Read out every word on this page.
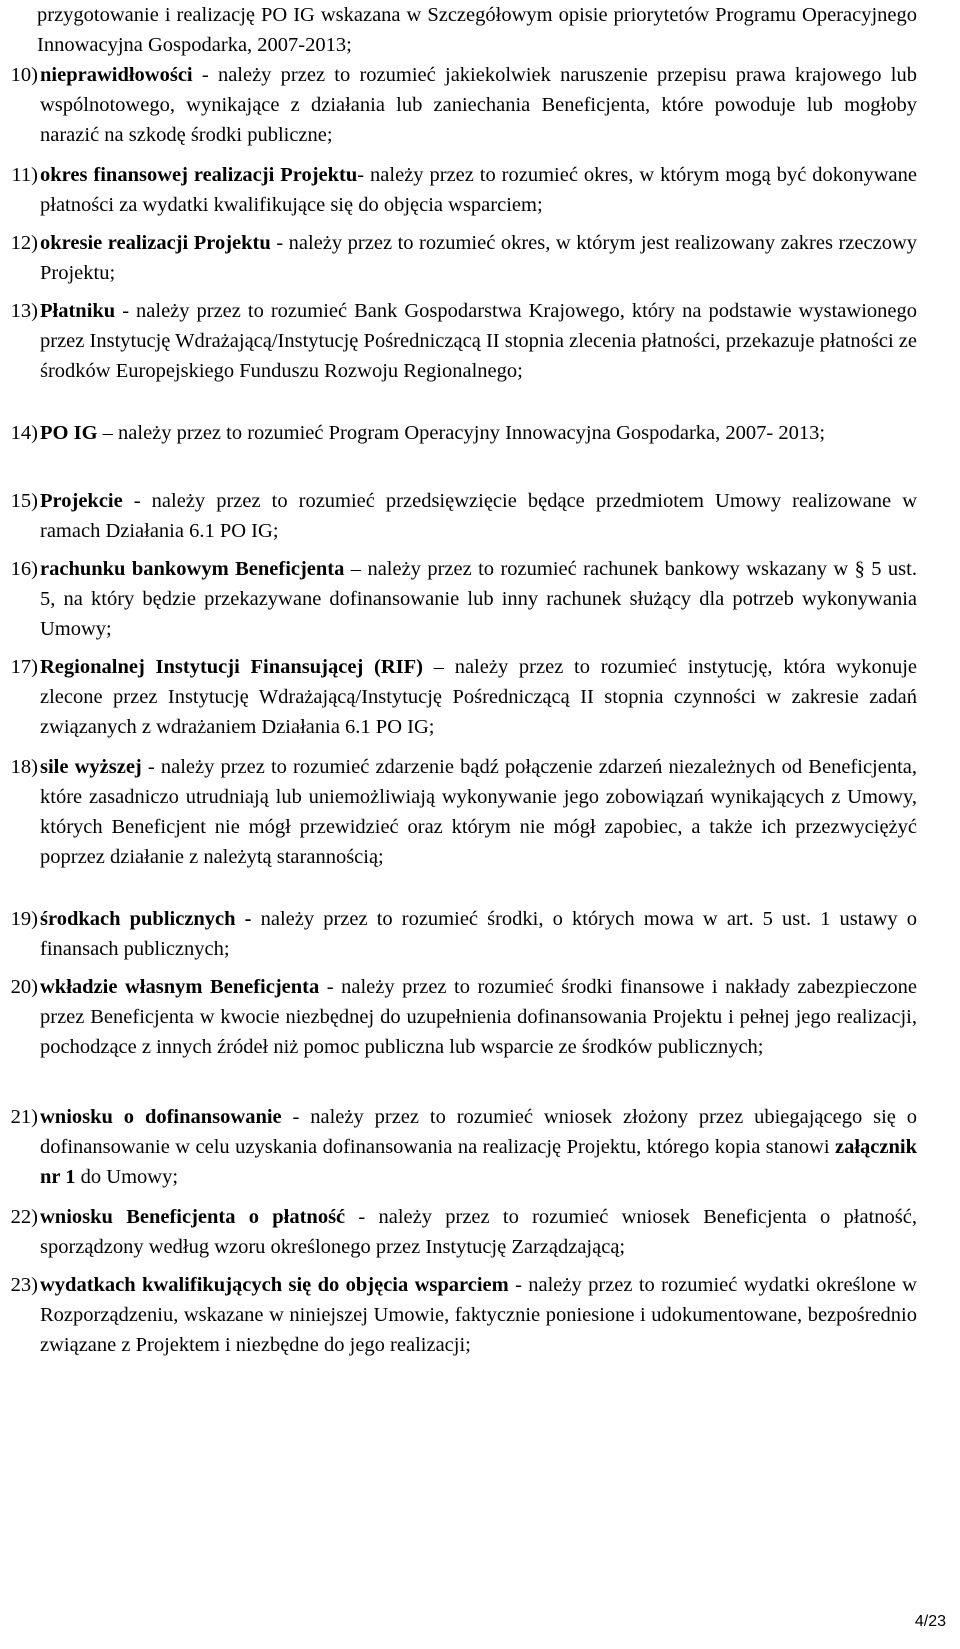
przygotowanie i realizację PO IG wskazana w Szczegółowym opisie priorytetów Programu Operacyjnego Innowacyjna Gospodarka, 2007-2013;
10) nieprawidłowości - należy przez to rozumieć jakiekolwiek naruszenie przepisu prawa krajowego lub wspólnotowego, wynikające z działania lub zaniechania Beneficjenta, które powoduje lub mogłoby narazić na szkodę środki publiczne;
11) okres finansowej realizacji Projektu- należy przez to rozumieć okres, w którym mogą być dokonywane płatności za wydatki kwalifikujące się do objęcia wsparciem;
12) okresie realizacji Projektu - należy przez to rozumieć okres, w którym jest realizowany zakres rzeczowy Projektu;
13) Płatniku - należy przez to rozumieć Bank Gospodarstwa Krajowego, który na podstawie wystawionego przez Instytucję Wdrażającą/Instytucję Pośredniczącą II stopnia zlecenia płatności, przekazuje płatności ze środków Europejskiego Funduszu Rozwoju Regionalnego;
14) PO IG – należy przez to rozumieć Program Operacyjny Innowacyjna Gospodarka, 2007- 2013;
15) Projekcie - należy przez to rozumieć przedsięwzięcie będące przedmiotem Umowy realizowane w ramach Działania 6.1 PO IG;
16) rachunku bankowym Beneficjenta – należy przez to rozumieć rachunek bankowy wskazany w § 5 ust. 5, na który będzie przekazywane dofinansowanie lub inny rachunek służący dla potrzeb wykonywania Umowy;
17) Regionalnej Instytucji Finansującej (RIF) – należy przez to rozumieć instytucję, która wykonuje zlecone przez Instytucję Wdrażającą/Instytucję Pośredniczącą II stopnia czynności w zakresie zadań związanych z wdrażaniem Działania 6.1 PO IG;
18) sile wyższej - należy przez to rozumieć zdarzenie bądź połączenie zdarzeń niezależnych od Beneficjenta, które zasadniczo utrudniają lub uniemożliwiają wykonywanie jego zobowiązań wynikających z Umowy, których Beneficjent nie mógł przewidzieć oraz którym nie mógł zapobiec, a także ich przezwyciężyć poprzez działanie z należytą starannością;
19) środkach publicznych - należy przez to rozumieć środki, o których mowa w art. 5 ust. 1 ustawy o finansach publicznych;
20) wkładzie własnym Beneficjenta - należy przez to rozumieć środki finansowe i nakłady zabezpieczone przez Beneficjenta w kwocie niezbędnej do uzupełnienia dofinansowania Projektu i pełnej jego realizacji, pochodzące z innych źródeł niż pomoc publiczna lub wsparcie ze środków publicznych;
21) wniosku o dofinansowanie - należy przez to rozumieć wniosek złożony przez ubiegającego się o dofinansowanie w celu uzyskania dofinansowania na realizację Projektu, którego kopia stanowi załącznik nr 1 do Umowy;
22) wniosku Beneficjenta o płatność - należy przez to rozumieć wniosek Beneficjenta o płatność, sporządzony według wzoru określonego przez Instytucję Zarządzającą;
23) wydatkach kwalifikujących się do objęcia wsparciem - należy przez to rozumieć wydatki określone w Rozporządzeniu, wskazane w niniejszej Umowie, faktycznie poniesione i udokumentowane, bezpośrednio związane z Projektem i niezbędne do jego realizacji;
4/23
